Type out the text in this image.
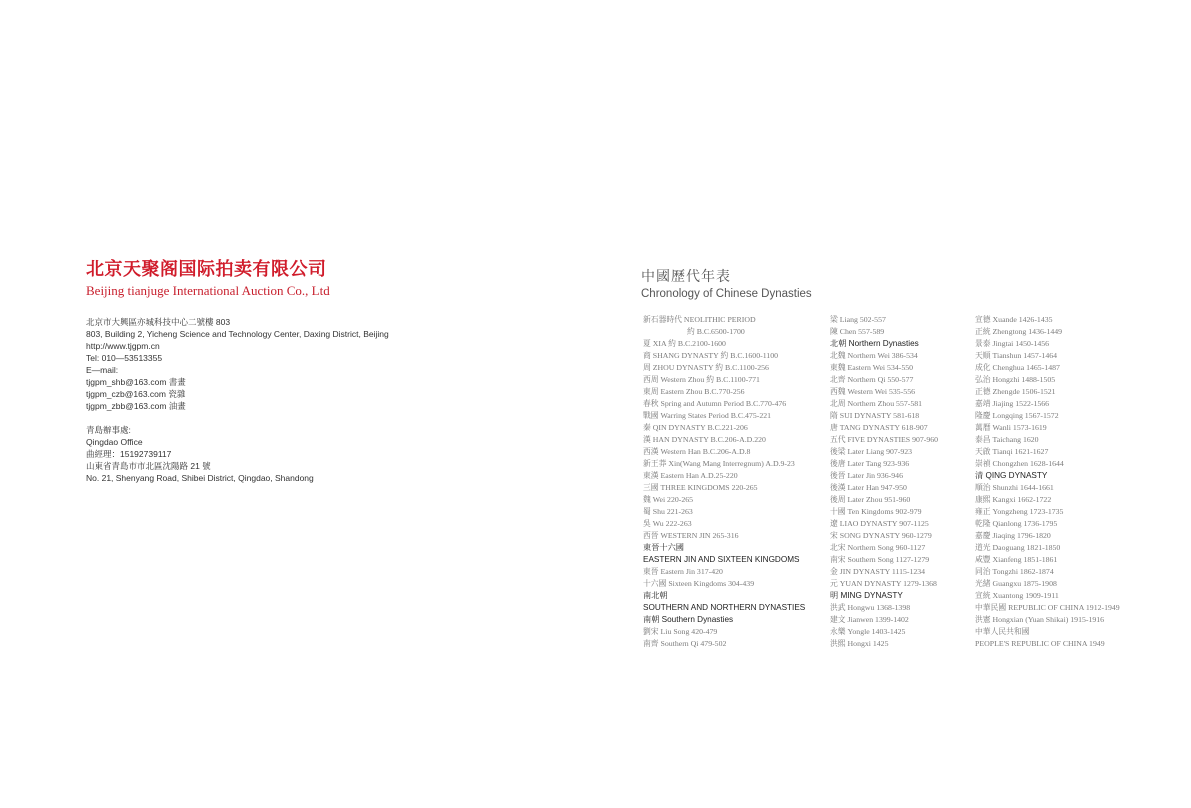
北京天聚阁国际拍卖有限公司
Beijing tianjuge International Auction Co., Ltd
北京市大興區亦城科技中心二號樓 803
803, Building 2, Yicheng Science and Technology Center, Daxing District, Beijing
http://www.tjgpm.cn
Tel: 010—53513355
E—mail:
tjgpm_shb@163.com 書畫
tjgpm_czb@163.com 瓷雜
tjgpm_zbb@163.com 油畫
青島辦事處:
Qingdao Office
曲經理：15192739117
山東省青島市市北區沈陽路 21 號
No. 21, Shenyang Road, Shibei District, Qingdao, Shandong
中國歷代年表
Chronology of Chinese Dynasties
新石器時代 NEOLITHIC PERIOD
約 B.C.6500-1700
夏 XIA 約 B.C.2100-1600
商 SHANG DYNASTY 約 B.C.1600-1100
周 ZHOU DYNASTY 約 B.C.1100-256
西周 Western Zhou 約 B.C.1100-771
東周 Eastern Zhou B.C.770-256
春秋 Spring and Autumn Period B.C.770-476
戰國 Warring States Period B.C.475-221
秦 QIN DYNASTY B.C.221-206
漢 HAN DYNASTY B.C.206-A.D.220
西漢 Western Han B.C.206-A.D.8
新王莽 Xin(Wang Mang Interregnum) A.D.9-23
東漢 Eastern Han A.D.25-220
三國 THREE KINGDOMS 220-265
魏 Wei 220-265
蜀 Shu 221-263
吳 Wu 222-263
西晉 WESTERN JIN 265-316
東晉十六國
EASTERN JIN AND SIXTEEN KINGDOMS
東晉 Eastern Jin 317-420
十六國 Sixteen Kingdoms 304-439
南北朝
SOUTHERN AND NORTHERN DYNASTIES
南朝 Southern Dynasties
劉宋 Liu Song 420-479
南齊 Southern Qi 479-502
梁 Liang 502-557
陳 Chen 557-589
北朝 Northern Dynasties
北魏 Northern Wei 386-534
東魏 Eastern Wei 534-550
北齊 Northern Qi 550-577
西魏 Western Wei 535-556
北周 Northern Zhou 557-581
隋 SUI DYNASTY 581-618
唐 TANG DYNASTY 618-907
五代 FIVE DYNASTIES 907-960
後梁 Later Liang 907-923
後唐 Later Tang 923-936
後晉 Later Jin 936-946
後漢 Later Han 947-950
後周 Later Zhou 951-960
十國 Ten Kingdoms 902-979
遼 LIAO DYNASTY 907-1125
宋 SONG DYNASTY 960-1279
北宋 Northern Song 960-1127
南宋 Southern Song 1127-1279
金 JIN DYNASTY 1115-1234
元 YUAN DYNASTY 1279-1368
明 MING DYNASTY
洪武 Hongwu 1368-1398
建文 Jianwen 1399-1402
永樂 Yongle 1403-1425
洪熙 Hongxi 1425
宣德 Xuande 1426-1435
正統 Zhengtong 1436-1449
景泰 Jingtai 1450-1456
天順 Tianshun 1457-1464
成化 Chenghua 1465-1487
弘治 Hongzhi 1488-1505
正德 Zhengde 1506-1521
嘉靖 Jiajing 1522-1566
隆慶 Longqing 1567-1572
萬曆 Wanli 1573-1619
泰昌 Taichang 1620
天啟 Tianqi 1621-1627
崇禎 Chongzhen 1628-1644
清 QING DYNASTY
順治 Shunzhi 1644-1661
康熙 Kangxi 1662-1722
雍正 Yongzheng 1723-1735
乾隆 Qianlong 1736-1795
嘉慶 Jiaqing 1796-1820
道光 Daoguang 1821-1850
咸豐 Xianfeng 1851-1861
同治 Tongzhi 1862-1874
光緒 Guangxu 1875-1908
宣統 Xuantong 1909-1911
中華民國 REPUBLIC OF CHINA 1912-1949
洪憲 Hongxian (Yuan Shikai) 1915-1916
中華人民共和國
PEOPLE'S REPUBLIC OF CHINA 1949
